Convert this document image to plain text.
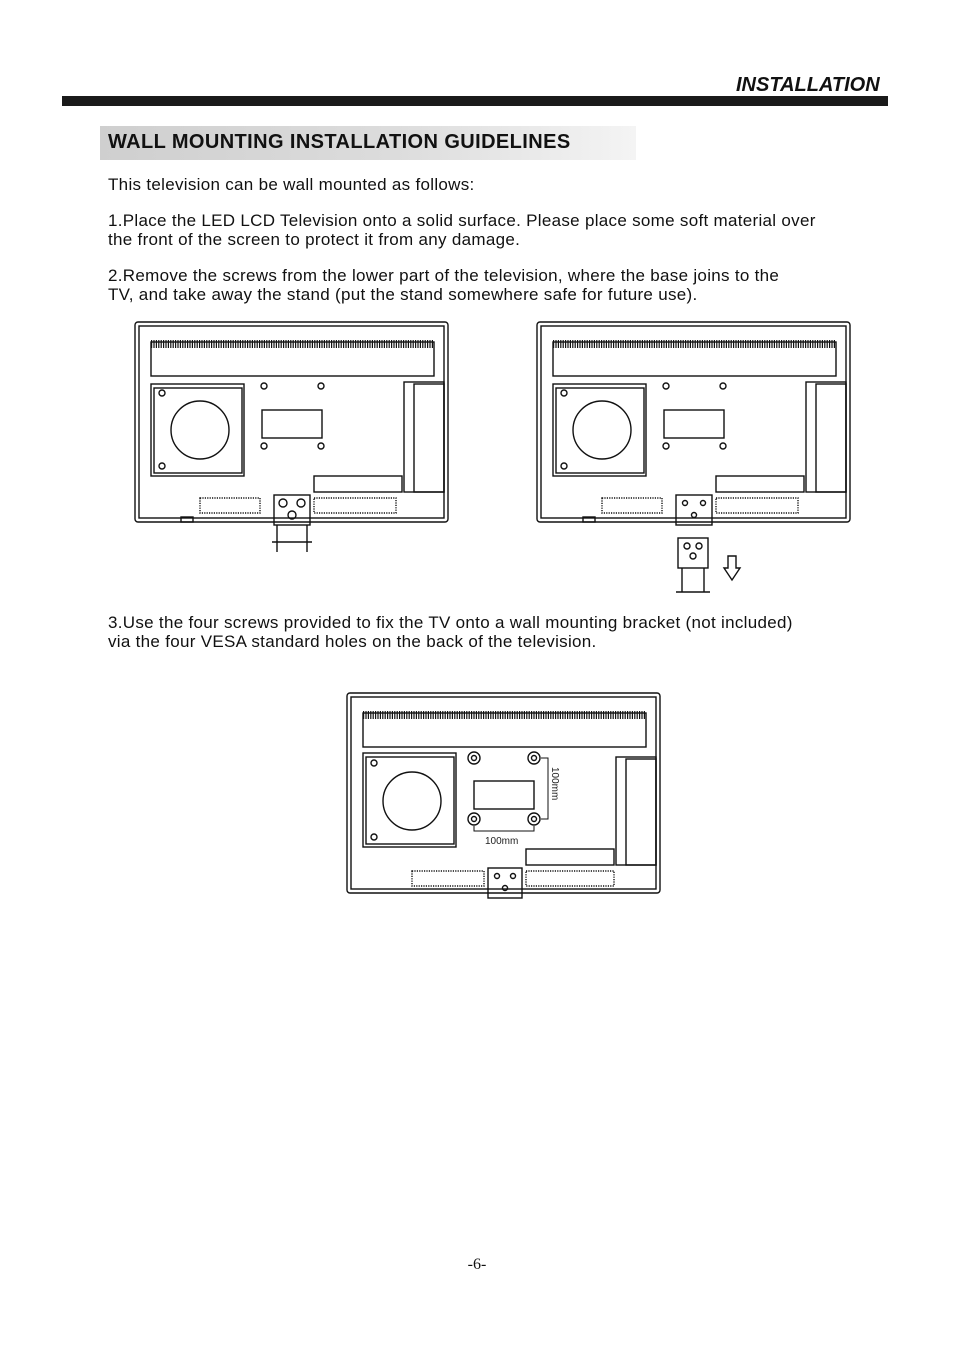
INSTALLATION
WALL MOUNTING INSTALLATION GUIDELINES
This television can be wall mounted as follows:
1.Place the LED LCD Television onto a solid surface. Please place some soft material over
the front of the screen to protect it from any damage.
2.Remove the screws from the lower part of the television, where the base joins to the
TV, and take away the stand (put the stand somewhere safe for future use).
3.Use the four screws provided to fix the TV onto a wall mounting bracket (not included)
via the four VESA standard holes on the back of the television.
100mm
100mm
-6-
